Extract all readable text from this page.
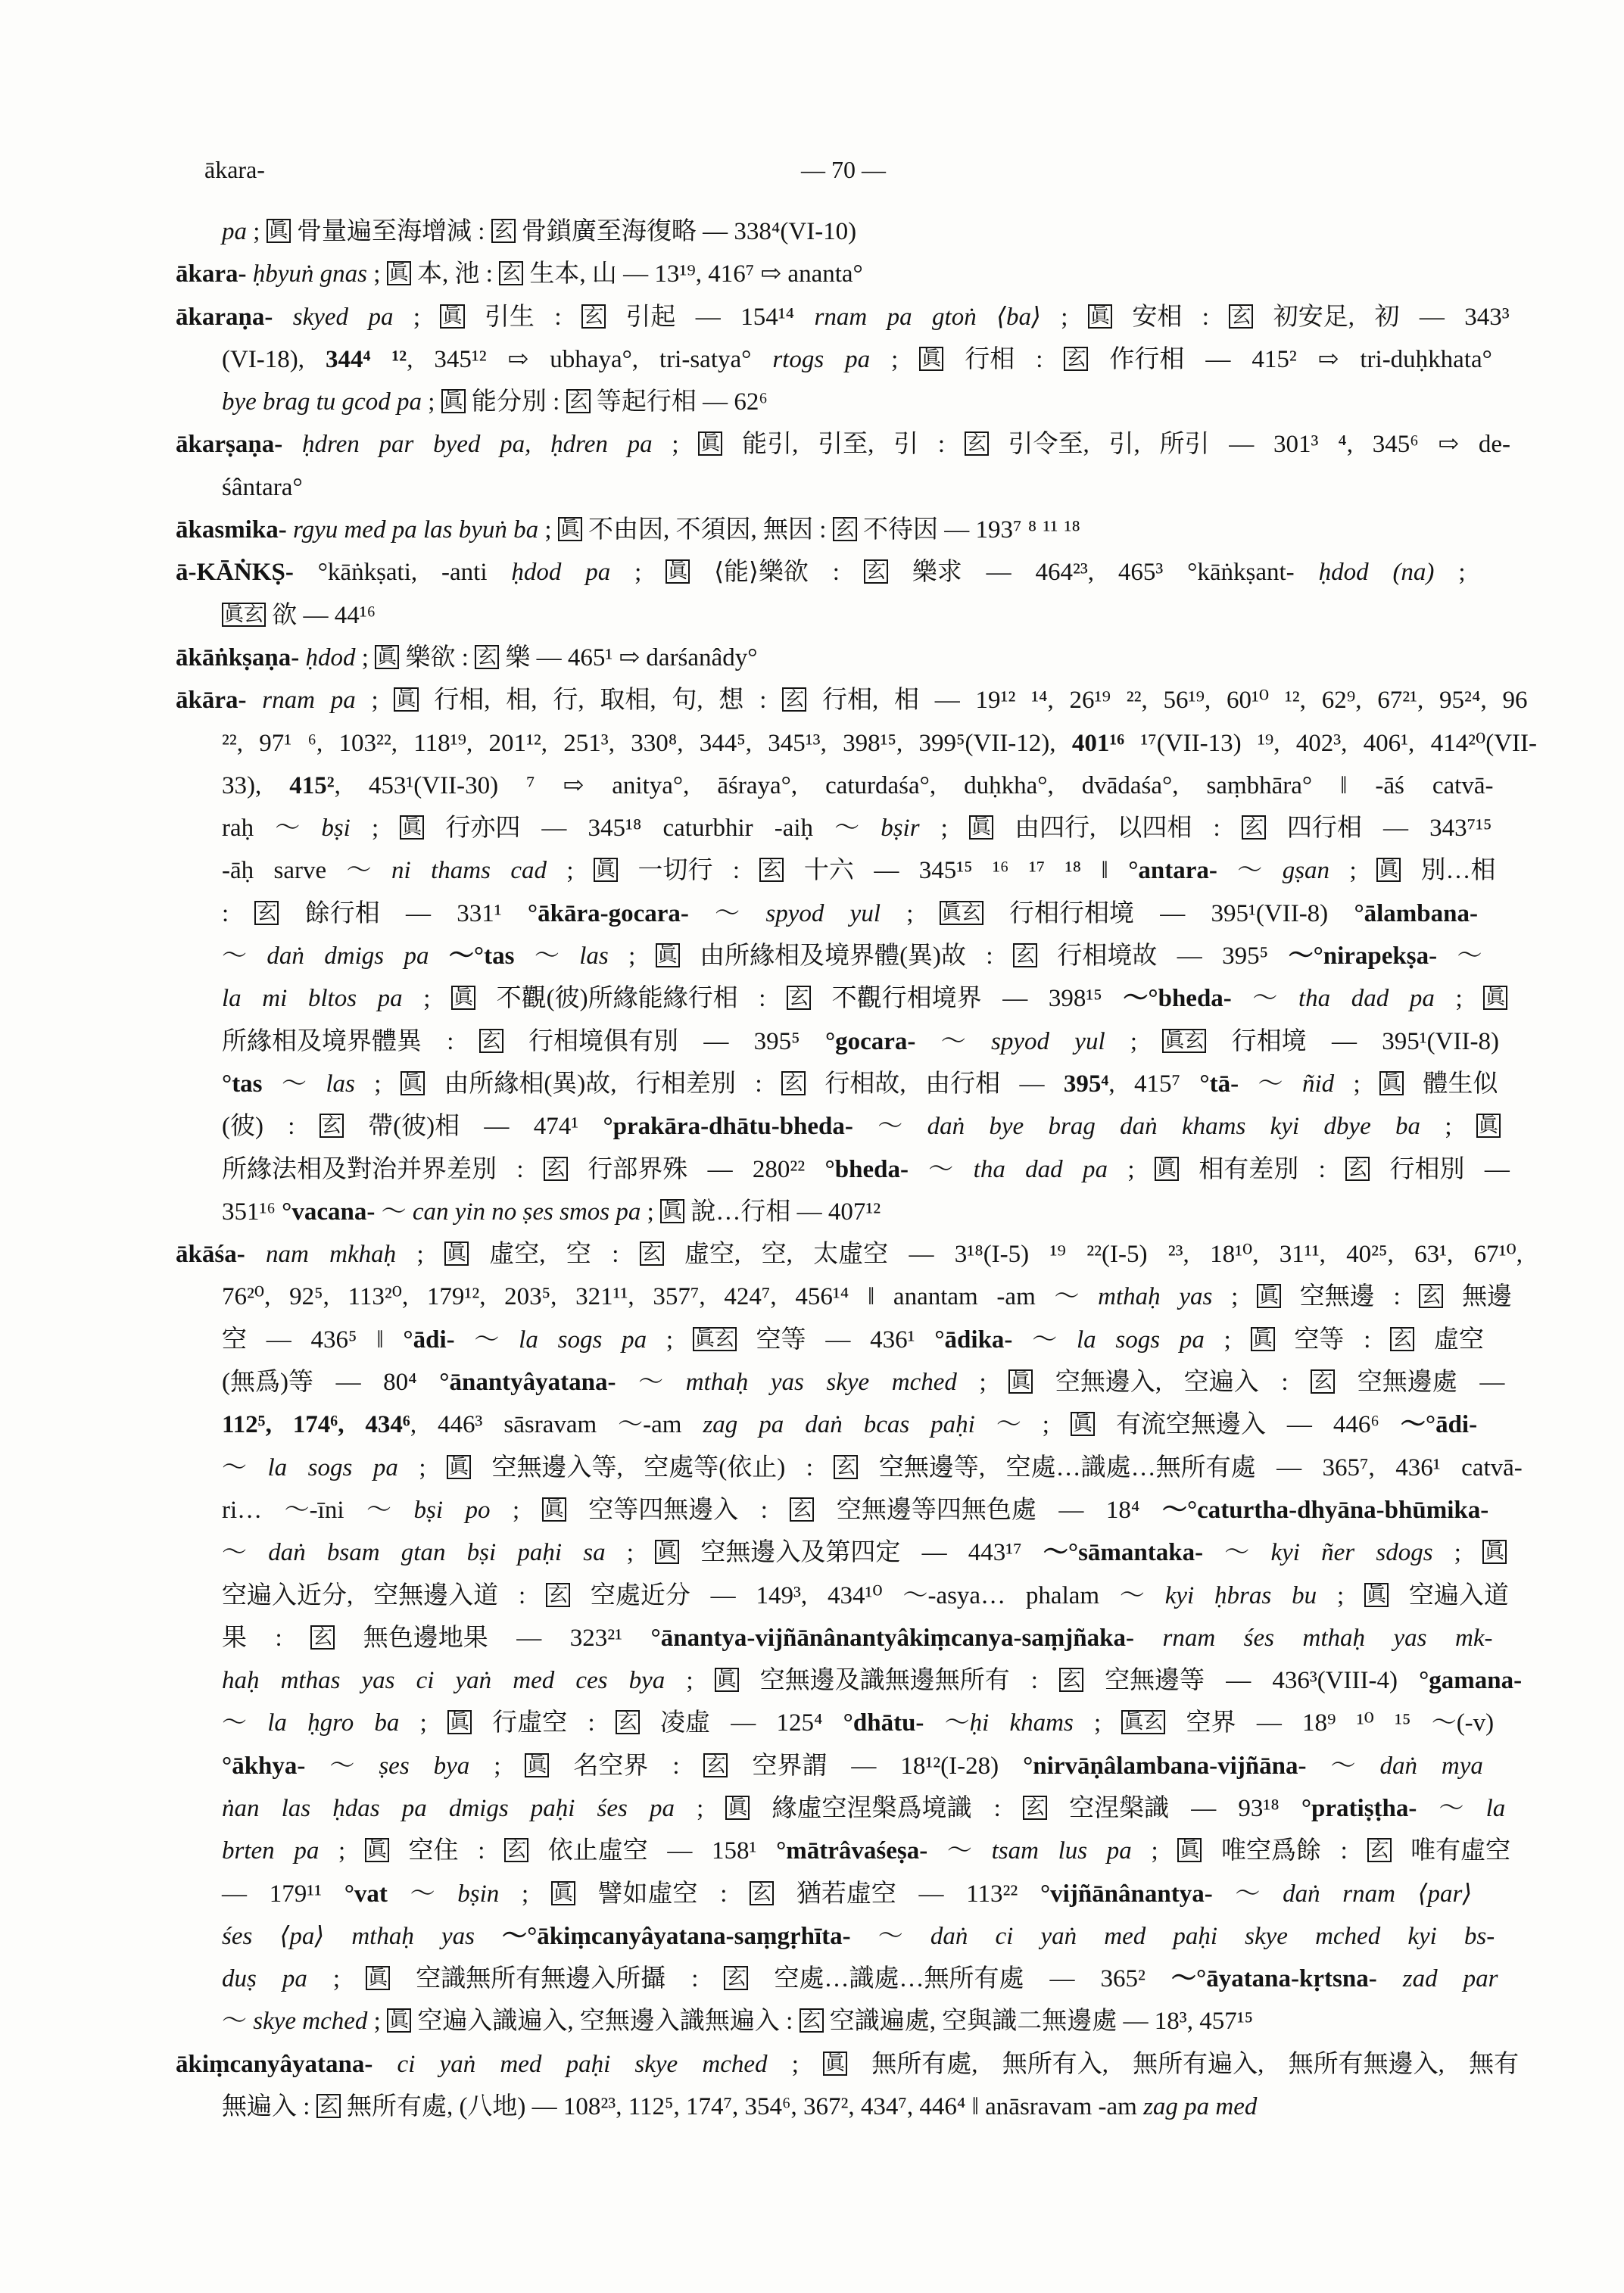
ākara-	— 70 —
pa ; 眞 骨量遍至海增減 : 玄 骨鎖廣至海復略 — 338⁴(VI-10)
ākara- ḥbyuṅ gnas ; 眞 本, 池 : 玄 生本, 山 — 13¹⁹, 416⁷ ⇨ ananta°
ākaraṇa- skyed pa ; 眞 引生 : 玄 引起 — 154¹⁴ rnam pa gtoṅ ⟨ba⟩ ; 眞 安相 : 玄 初安足, 初 — 343³
(VI-18), 344⁴ ¹², 345¹² ⇨ ubhaya°, tri-satya° rtogs pa ; 眞 行相 : 玄 作行相 — 415² ⇨ tri-duḥkhata°
bye brag tu gcod pa ; 眞 能分別 : 玄 等起行相 — 62⁶
ākarṣaṇa- ḥdren par byed pa, ḥdren pa ; 眞 能引, 引至, 引 : 玄 引令至, 引, 所引 — 301³ ⁴, 345⁶ ⇨ de-
śântara°
ākasmika- rgyu med pa las byuṅ ba ; 眞 不由因, 不須因, 無因 : 玄 不待因 — 193⁷ ⁸ ¹¹ ¹⁸
ā-KĀṄKṢ- °kāṅkṣati, -anti ḥdod pa ; 眞 ⟨能⟩樂欲 : 玄 樂求 — 464²³, 465³ °kāṅkṣant- ḥdod (na) ;
眞玄 欲 — 44¹⁶
ākāṅkṣaṇa- ḥdod ; 眞 樂欲 : 玄 樂 — 465¹ ⇨ darśanâdy°
ākāra- rnam pa ; 眞 行相, 相, 行, 取相, 句, 想 : 玄 行相, 相 — 19¹² ¹⁴, 26¹⁹ ²², 56¹⁹, 60¹⁰ ¹², 62⁹, 67²¹, 95²⁴, 96
²², 97¹ ⁶, 103²², 118¹⁹, 201¹², 251³, 330⁸, 344⁵, 345¹³, 398¹⁵, 399⁵(VII-12), 401¹⁶ ¹⁷(VII-13) ¹⁹, 402³, 406¹, 414²⁰(VII-
33), 415², 453¹(VII-30) ⁷ ⇨ anitya°, āśraya°, caturdaśa°, duḥkha°, dvādaśa°, saṃbhāra° ‖ -āś catvā-
raḥ ～ bṣi ; 眞 行亦四 — 345¹⁸ caturbhir -aiḥ ～ bṣir ; 眞 由四行, 以四相 : 玄 四行相 — 343⁷¹⁵
-āḥ sarve ～ ni thams cad ; 眞 一切行 : 玄 十六 — 345¹⁵ ¹⁶ ¹⁷ ¹⁸ ‖ °antara- ～ gṣan ; 眞 別…相
: 玄 餘行相 — 331¹ °ākāra-gocara- ～ spyod yul ; 眞玄 行相行相境 — 395¹(VII-8) °ālambana-
～ daṅ dmigs pa ～°tas ～ las ; 眞 由所緣相及境界體(異)故 : 玄 行相境故 — 395⁵ ～°nirapekṣa- ～
la mi bltos pa ; 眞 不觀(彼)所緣能緣行相 : 玄 不觀行相境界 — 398¹⁵ ～°bheda- ～ tha dad pa ; 眞
所緣相及境界體異 : 玄 行相境俱有別 — 395⁵ °gocara- ～ spyod yul ; 眞玄 行相境 — 395¹(VII-8)
°tas ～ las ; 眞 由所緣相(異)故, 行相差別 : 玄 行相故, 由行相 — 395⁴, 415⁷ °tā- ～ ñid ; 眞 體生似
(彼) : 玄 帶(彼)相 — 474¹ °prakāra-dhātu-bheda- ～ daṅ bye brag daṅ khams kyi dbye ba ; 眞
所緣法相及對治并界差別 : 玄 行部界殊 — 280²² °bheda- ～ tha dad pa ; 眞 相有差別 : 玄 行相別 —
351¹⁶ °vacana- ～ can yin no ṣes smos pa ; 眞 說…行相 — 407¹²
ākāśa- nam mkhaḥ ; 眞 虛空, 空 : 玄 虛空, 空, 太虛空 — 3¹⁸(I-5) ¹⁹ ²²(I-5) ²³, 18¹⁰, 31¹¹, 40²⁵, 63¹, 67¹⁰,
76²⁰, 92⁵, 113²⁰, 179¹², 203⁵, 321¹¹, 357⁷, 424⁷, 456¹⁴ ‖ anantam -am ～ mthaḥ yas ; 眞 空無邊 : 玄 無邊
空 — 436⁵ ‖ °ādi- ～ la sogs pa ; 眞玄 空等 — 436¹ °ādika- ～ la sogs pa ; 眞 空等 : 玄 虛空
(無爲)等 — 80⁴ °ānantyâyatana- ～ mthaḥ yas skye mched ; 眞 空無邊入, 空遍入 : 玄 空無邊處 —
112⁵, 174⁶, 434⁶, 446³ sāsravam ～-am zag pa daṅ bcas paḥi ～ ; 眞 有流空無邊入 — 446⁶ ～°ādi-
～ la sogs pa ; 眞 空無邊入等, 空處等(依止) : 玄 空無邊等, 空處…識處…無所有處 — 365⁷, 436¹ catvā-
ri… ～-īni ～ bṣi po ; 眞 空等四無邊入 : 玄 空無邊等四無色處 — 18⁴ ～°caturtha-dhyāna-bhūmika-
～ daṅ bsam gtan bṣi paḥi sa ; 眞 空無邊入及第四定 — 443¹⁷ ～°sāmantaka- ～ kyi ñer sdogs ; 眞
空遍入近分, 空無邊入道 : 玄 空處近分 — 149³, 434¹⁰ ～-asya… phalam ～ kyi ḥbras bu ; 眞 空遍入道
果 : 玄 無色邊地果 — 323²¹ °ānantya-vijñānânantyâkiṃcanya-saṃjñaka- rnam śes mthaḥ yas mk-
haḥ mthas yas ci yaṅ med ces bya ; 眞 空無邊及識無邊無所有 : 玄 空無邊等 — 436³(VIII-4) °gamana-
～ la ḥgro ba ; 眞 行虛空 : 玄 凌虛 — 125⁴ °dhātu- ～ḥi khams ; 眞玄 空界 — 18⁹ ¹⁰ ¹⁵ ～(-v)
°ākhya- ～ ṣes bya ; 眞 名空界 : 玄 空界謂 — 18¹²(I-28) °nirvāṇâlambana-vijñāna- ～ daṅ mya
ṅan las ḥdas pa dmigs paḥi śes pa ; 眞 緣虛空涅槃爲境識 : 玄 空涅槃識 — 93¹⁸ °pratiṣṭha- ～ la
brten pa ; 眞 空住 : 玄 依止虛空 — 158¹ °mātrâvaśeṣa- ～ tsam lus pa ; 眞 唯空爲餘 : 玄 唯有虛空
— 179¹¹ °vat ～ bṣin ; 眞 譬如虛空 : 玄 猶若虛空 — 113²² °vijñānânantya- ～ daṅ rnam ⟨par⟩
śes ⟨pa⟩ mthaḥ yas ～°ākiṃcanyâyatana-saṃgṛhīta- ～ daṅ ci yaṅ med paḥi skye mched kyi bs-
duṣ pa ; 眞 空識無所有無邊入所攝 : 玄 空處…識處…無所有處 — 365² ～°āyatana-kṛtsna- zad par
～ skye mched ; 眞 空遍入識遍入, 空無邊入識無遍入 : 玄 空識遍處, 空與識二無邊處 — 18³, 457¹⁵
ākiṃcanyâyatana- ci yaṅ med paḥi skye mched ; 眞 無所有處, 無所有入, 無所有遍入, 無所有無邊入, 無有
無遍入 : 玄 無所有處, (八地) — 108²³, 112⁵, 174⁷, 354⁶, 367², 434⁷, 446⁴ ‖ anāsravam -am zag pa med
